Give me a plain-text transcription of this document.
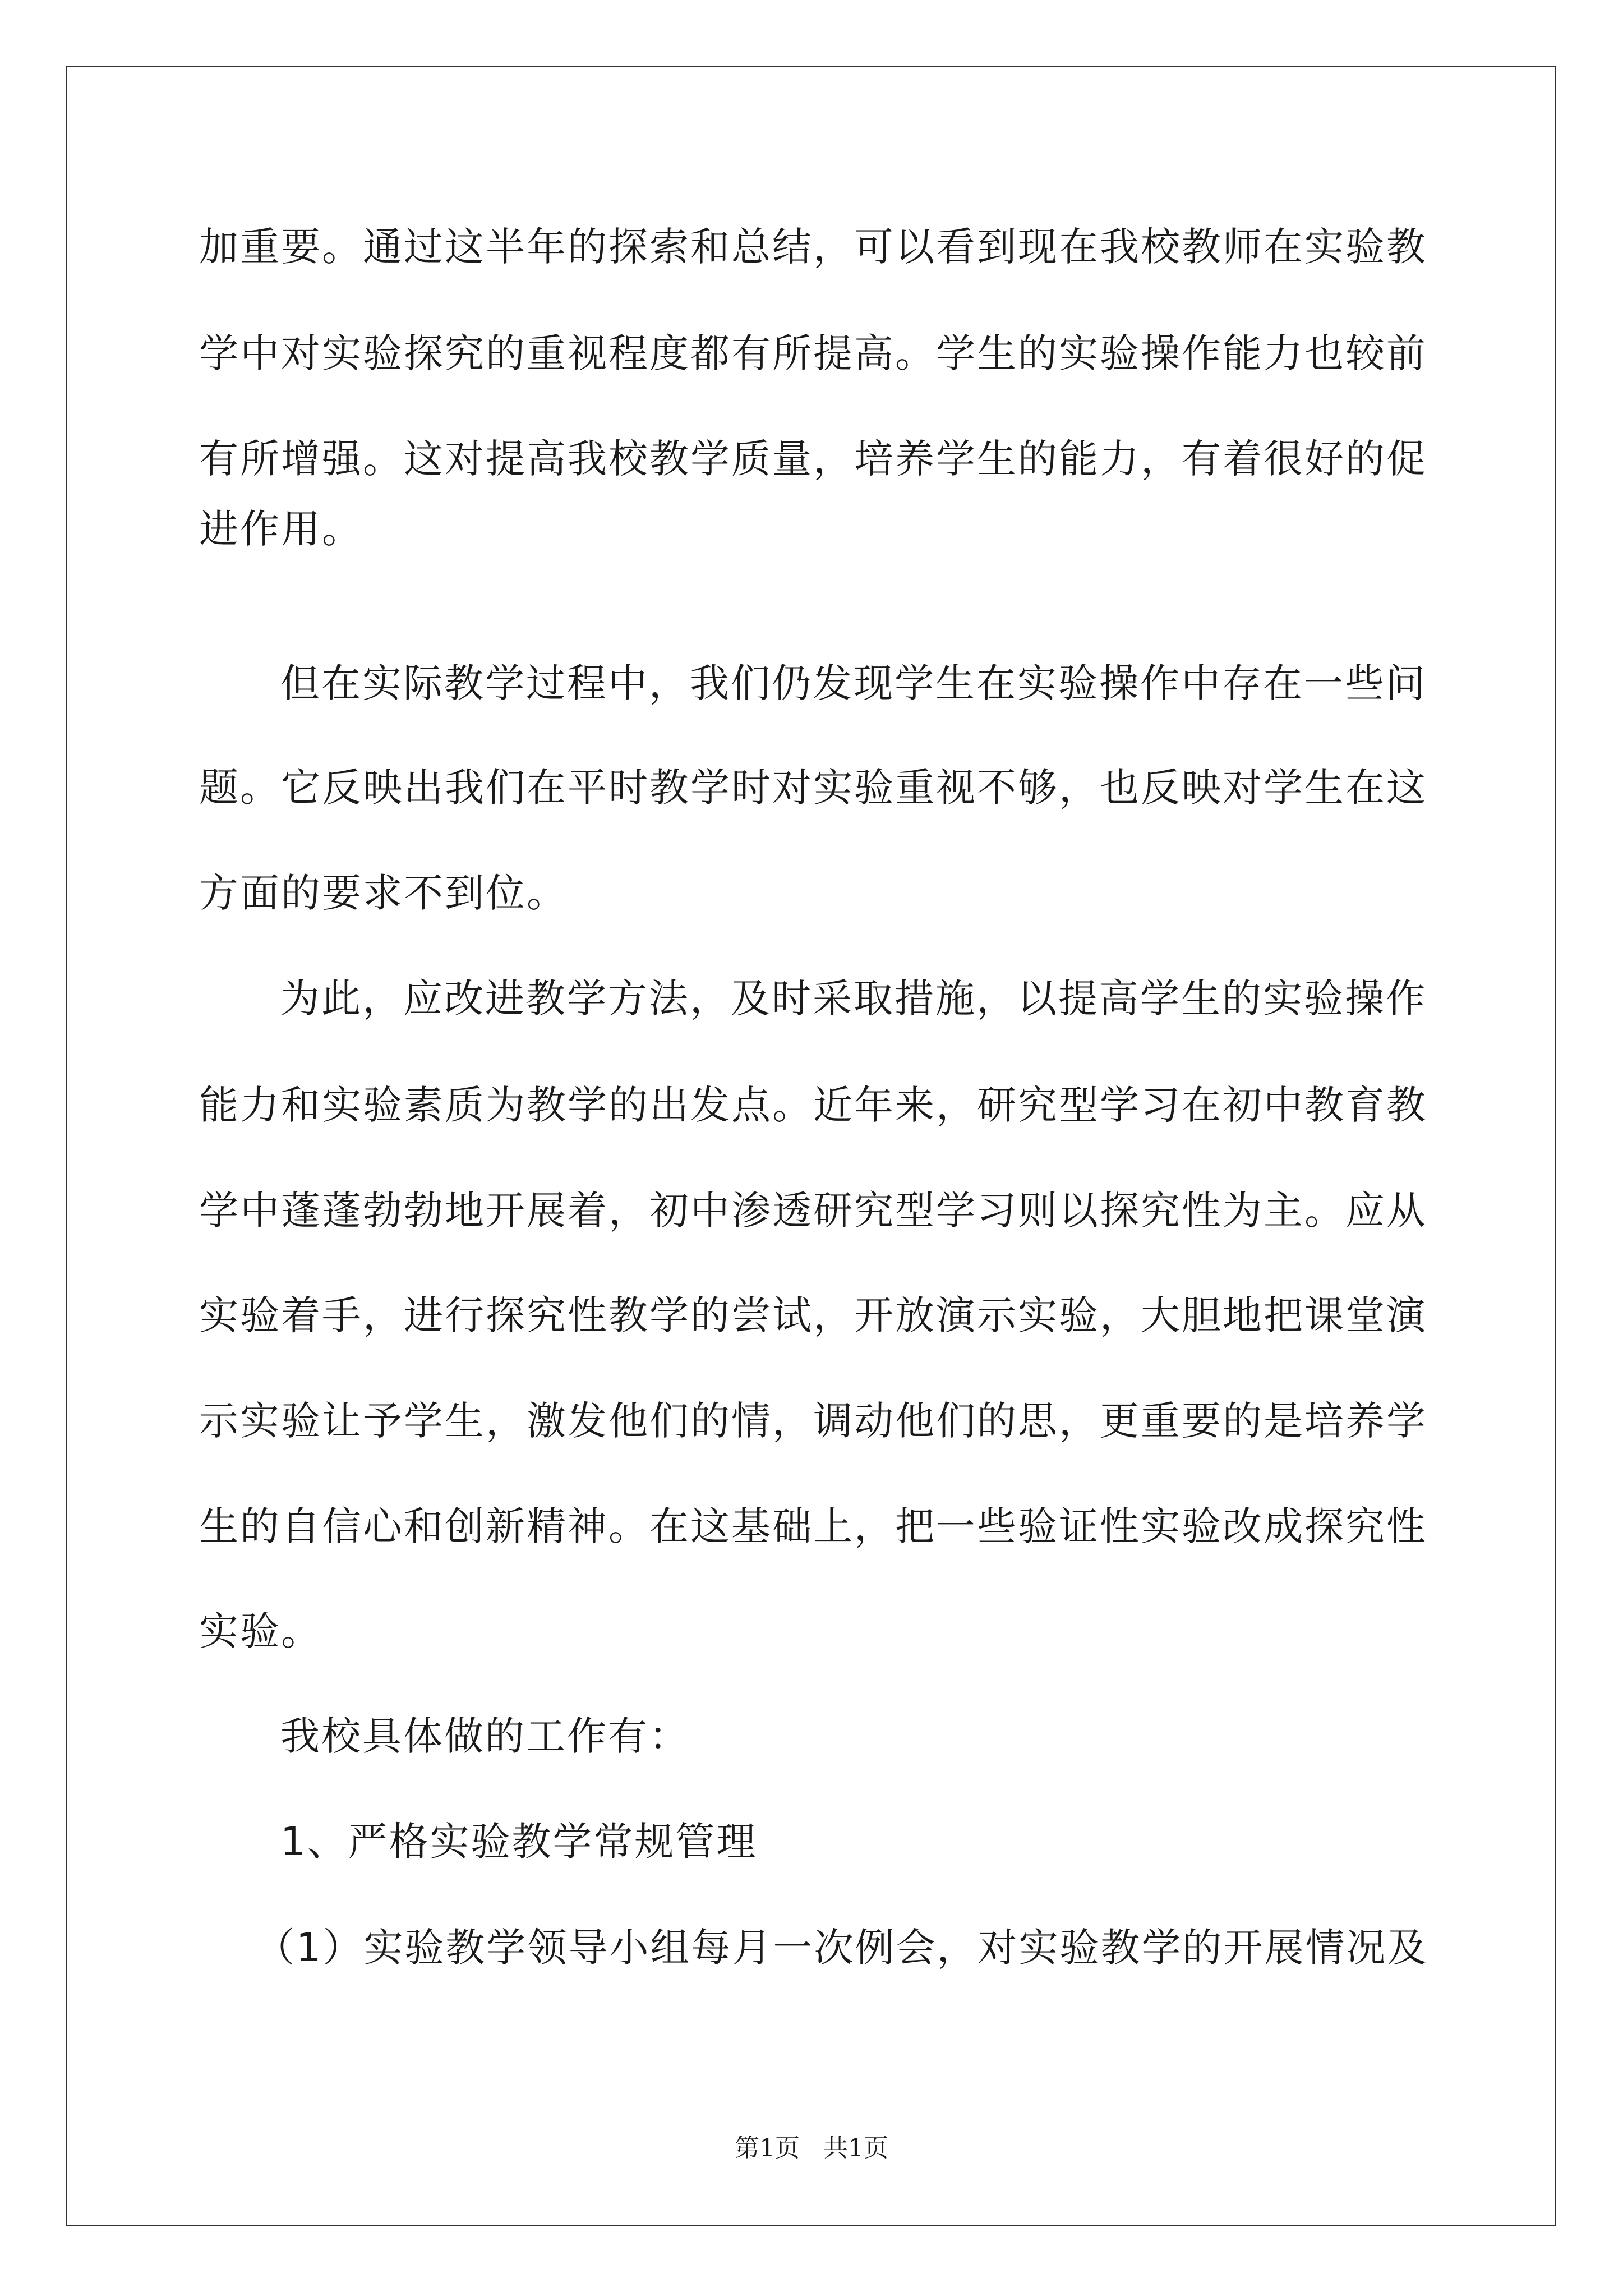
加重要。通过这半年的探索和总结，可以看到现在我校教师在实验教
学中对实验探究的重视程度都有所提高。学生的实验操作能力也较前
有所增强。这对提高我校教学质量，培养学生的能力，有着很好的促
进作用。
但在实际教学过程中，我们仍发现学生在实验操作中存在一些问
题。它反映出我们在平时教学时对实验重视不够，也反映对学生在这
方面的要求不到位。
为此，应改进教学方法，及时采取措施，以提高学生的实验操作
能力和实验素质为教学的出发点。近年来，研究型学习在初中教育教
学中蓬蓬勃勃地开展着，初中渗透研究型学习则以探究性为主。应从
实验着手，进行探究性教学的尝试，开放演示实验，大胆地把课堂演
示实验让予学生，激发他们的情，调动他们的思，更重要的是培养学
生的自信心和创新精神。在这基础上，把一些验证性实验改成探究性
实验。
我校具体做的工作有：
1、严格实验教学常规管理
（1）实验教学领导小组每月一次例会，对实验教学的开展情况及
第1页 共1页
